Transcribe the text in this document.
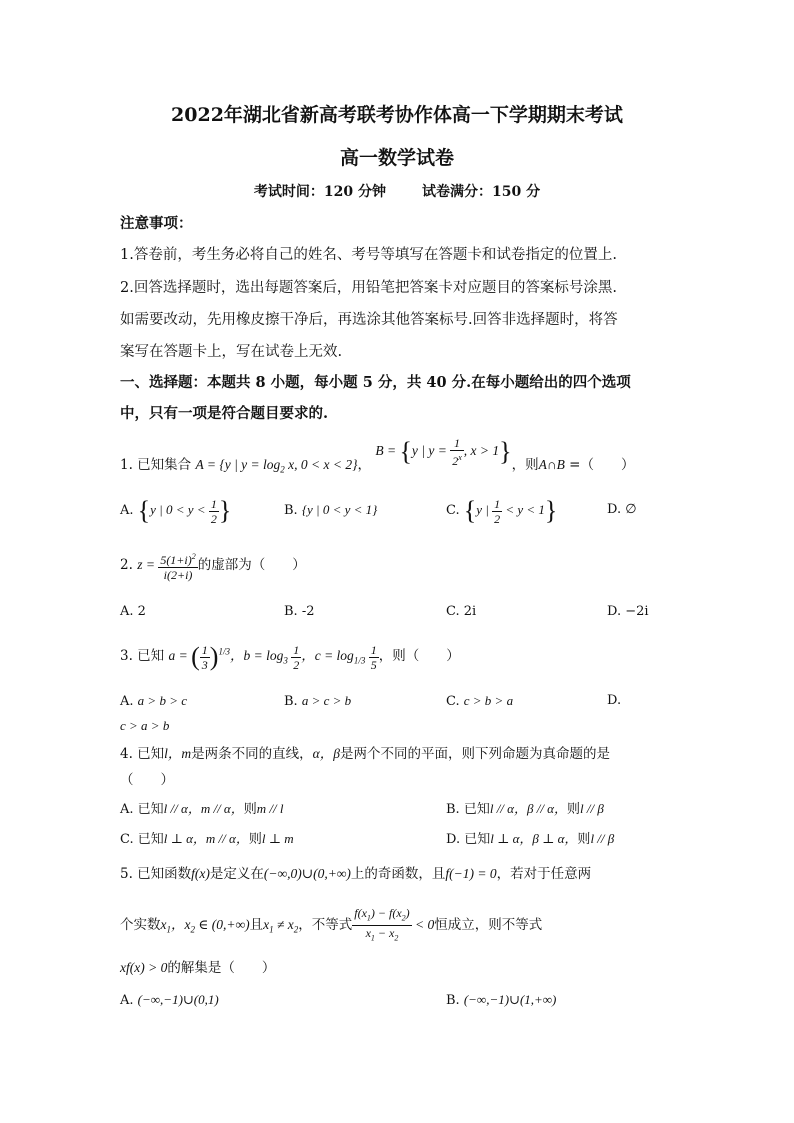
2022年湖北省新高考联考协作体高一下学期期末考试
高一数学试卷
考试时间：120 分钟	试卷满分：150 分
注意事项：
1.答卷前，考生务必将自己的姓名、考号等填写在答题卡和试卷指定的位置上.
2.回答选择题时，选出每题答案后，用铅笔把答案卡对应题目的答案标号涂黑.
如需要改动，先用橡皮擦干净后，再选涂其他答案标号.回答非选择题时，将答
案写在答题卡上，写在试卷上无效.
一、选择题：本题共 8 小题，每小题 5 分，共 40 分.在每小题给出的四个选项
中，只有一项是符合题目要求的.
1. 已知集合 A = {y | $y = \log_2 x$, 0 < x < 2}， B = {y | $y = \frac{1}{2^x}$ , x > 1}，则A∩B =（　　）
A. {y | $0 < y < \frac{1}{2}$ }	B. {y | 0 < y < 1}	C. {y | $\frac{1}{2} < y < 1$}	D. ∅
2. $z = \frac{5(1+i)^2}{i(2+i)}$ 的虚部为（　　）
A. 2	B. -2	C. 2i	D. −2i
3. 已知 a = ( $\frac{1}{3} )^{1/3}$，$b = \log_3 \frac{1}{2}$ ，$c = \log_{1/3} \frac{1}{5}$ ，则（　　）
A. a > b > c	B. a > c > b	C. c > b > a	D.
c > a > b
4. 已知l，m是两条不同的直线，α，β是两个不同的平面，则下列命题为真命题的是
（　　）
A. 已知l // α，m // α，则m // l	B. 已知l // α，β // α，则l // β
C. 已知l ⊥ α，m // α，则l ⊥ m	D. 已知l ⊥ α，β ⊥ α，则l // β
5. 已知函数f(x)是定义在(−∞,0)∪(0,+∞)上的奇函数，且f(−1) = 0，若对于任意两
个实数$x_1$，$x_2$ ∈ (0,+∞)且$x_1 \ne x_2$，不等式 $\frac{f(x_1) - f(x_2)}{x_1 - x_2} < 0$恒成立，则不等式
xf(x) > 0的解集是（　　）
A. (−∞,−1)∪(0,1)	B. (−∞,−1)∪(1,+∞)
